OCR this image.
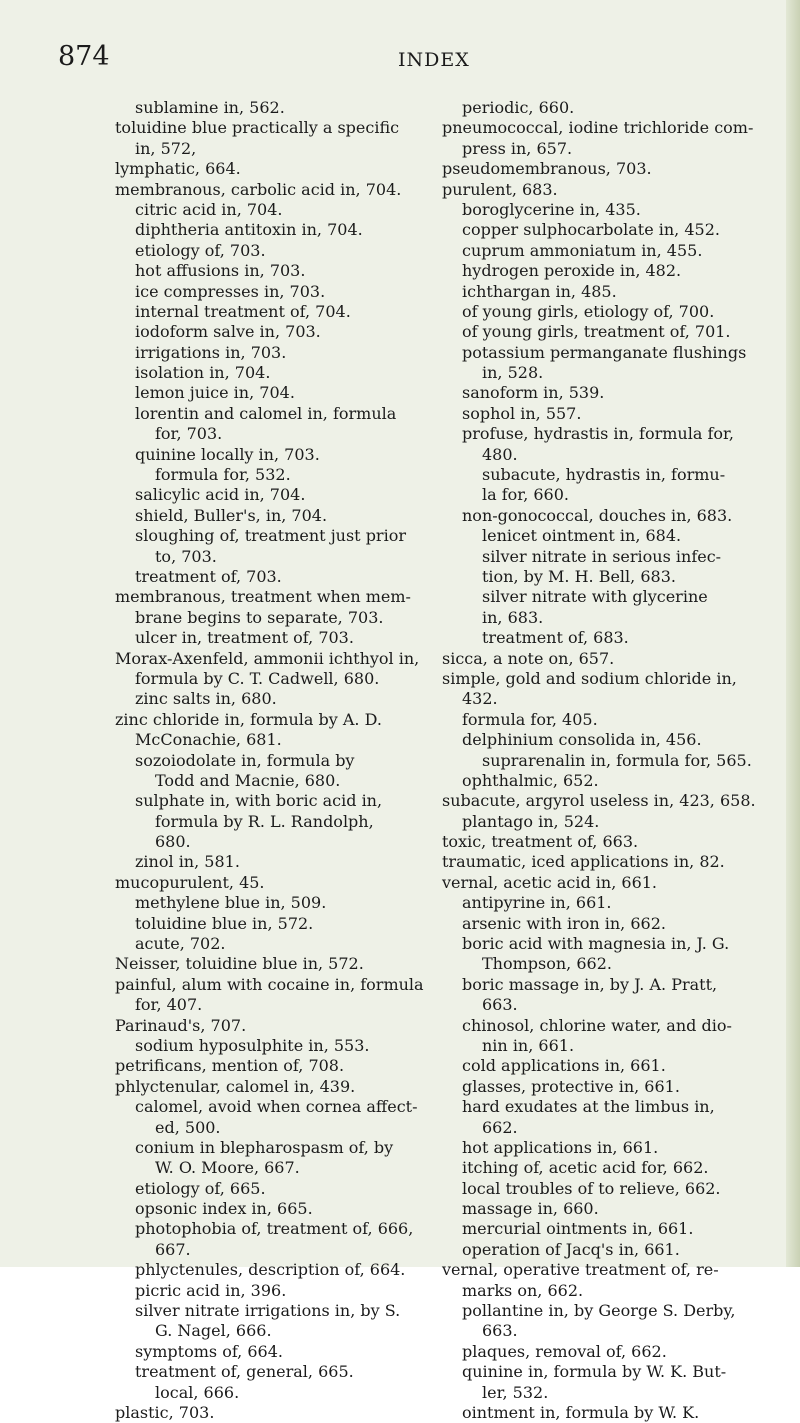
874	INDEX
sublamine in, 562.
toluidine blue practically a specific
in, 572,
lymphatic, 664.
membranous, carbolic acid in, 704.
citric acid in, 704.
diphtheria antitoxin in, 704.
etiology of, 703.
hot affusions in, 703.
ice compresses in, 703.
internal treatment of, 704.
iodoform salve in, 703.
irrigations in, 703.
isolation in, 704.
lemon juice in, 704.
lorentin and calomel in, formula
for, 703.
quinine locally in, 703.
formula for, 532.
salicylic acid in, 704.
shield, Buller's, in, 704.
sloughing of, treatment just prior
to, 703.
treatment of, 703.
membranous, treatment when mem-
brane begins to separate, 703.
ulcer in, treatment of, 703.
Morax-Axenfeld, ammonii ichthyol in,
formula by C. T. Cadwell, 680.
zinc salts in, 680.
zinc chloride in, formula by A. D.
McConachie, 681.
sozoiodolate in, formula by
Todd and Macnie, 680.
sulphate in, with boric acid in,
formula by R. L. Randolph,
680.
zinol in, 581.
mucopurulent, 45.
methylene blue in, 509.
toluidine blue in, 572.
acute, 702.
Neisser, toluidine blue in, 572.
painful, alum with cocaine in, formula
for, 407.
Parinaud's, 707.
sodium hyposulphite in, 553.
petrificans, mention of, 708.
phlyctenular, calomel in, 439.
calomel, avoid when cornea affect-
ed, 500.
conium in blepharospasm of, by
W. O. Moore, 667.
etiology of, 665.
opsonic index in, 665.
photophobia of, treatment of, 666,
667.
phlyctenules, description of, 664.
picric acid in, 396.
silver nitrate irrigations in, by S.
G. Nagel, 666.
symptoms of, 664.
treatment of, general, 665.
local, 666.
plastic, 703.
periodic, 660.
pneumococcal, iodine trichloride com-
press in, 657.
pseudomembranous, 703.
purulent, 683.
boroglycerine in, 435.
copper sulphocarbolate in, 452.
cuprum ammoniatum in, 455.
hydrogen peroxide in, 482.
ichthargan in, 485.
of young girls, etiology of, 700.
of young girls, treatment of, 701.
potassium permanganate flushings
in, 528.
sanoform in, 539.
sophol in, 557.
profuse, hydrastis in, formula for,
480.
subacute, hydrastis in, formu-
la for, 660.
non-gonococcal, douches in, 683.
lenicet ointment in, 684.
silver nitrate in serious infec-
tion, by M. H. Bell, 683.
silver nitrate with glycerine
in, 683.
treatment of, 683.
sicca, a note on, 657.
simple, gold and sodium chloride in,
432.
formula for, 405.
delphinium consolida in, 456.
suprarenalin in, formula for, 565.
ophthalmic, 652.
subacute, argyrol useless in, 423, 658.
plantago in, 524.
toxic, treatment of, 663.
traumatic, iced applications in, 82.
vernal, acetic acid in, 661.
antipyrine in, 661.
arsenic with iron in, 662.
boric acid with magnesia in, J. G.
Thompson, 662.
boric massage in, by J. A. Pratt,
663.
chinosol, chlorine water, and dio-
nin in, 661.
cold applications in, 661.
glasses, protective in, 661.
hard exudates at the limbus in,
662.
hot applications in, 661.
itching of, acetic acid for, 662.
local troubles of to relieve, 662.
massage in, 660.
mercurial ointments in, 661.
operation of Jacq's in, 661.
vernal, operative treatment of, re-
marks on, 662.
pollantine in, by George S. Derby,
663.
plaques, removal of, 662.
quinine in, formula by W. K. But-
ler, 532.
ointment in, formula by W. K.
